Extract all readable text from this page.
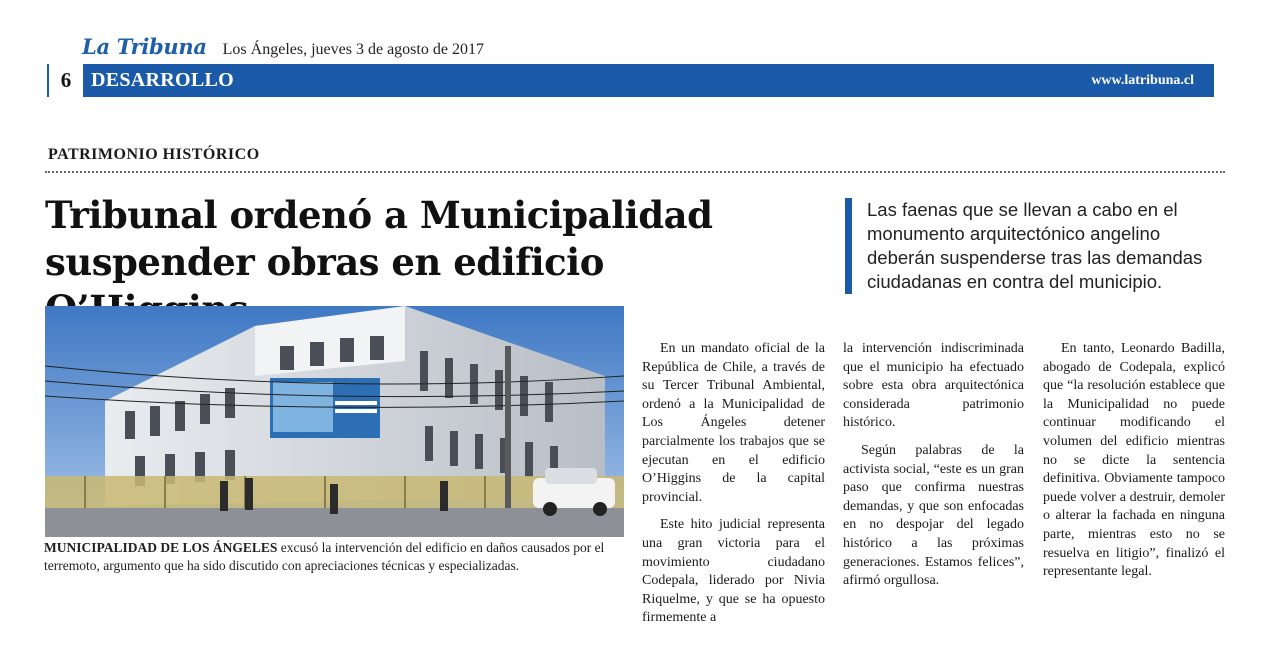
La Tribuna Los Ángeles, jueves 3 de agosto de 2017
6 DESARROLLO	www.latribuna.cl
PATRIMONIO HISTÓRICO
Tribunal ordenó a Municipalidad suspender obras en edificio
Las faenas que se llevan a cabo en el monumento arquitectónico angelino deberán suspenderse tras las demandas ciudadanas en contra del municipio.
MUNICIPALIDAD DE LOS ÁNGELES excusó la intervención del edificio en daños causados por el terremoto, argumento que ha sido discutido con apreciaciones técnicas y especializadas.

En un mandato oficial de la República de Chile, a través de su Tercer Tribunal Ambiental, ordenó a la Municipalidad de Los Ángeles detener parcialmente los trabajos que se ejecutan en el edificio O’Higgins de la capital provincial.

Este hito judicial representa una gran victoria para el movimiento ciudadano Codepala, liderado por Nivia Riquelme, y que se ha opuesto firmemente a

la intervención indiscriminada que el municipio ha efectuado sobre esta obra arquitectónica considerada patrimonio histórico.

Según palabras de la activista social, “este es un gran paso que confirma nuestras demandas, y que son enfocadas en no despojar del legado histórico a las próximas generaciones. Estamos felices”, afirmó orgullosa.

En tanto, Leonardo Badilla, abogado de Codepala, explicó que “la resolución establece que la Municipalidad no puede continuar modificando el volumen del edificio mientras no se dicte la sentencia definitiva. Obviamente tampoco puede volver a destruir, demoler o alterar la fachada en ninguna parte, mientras esto no se resuelva en litigio”, finalizó el representante legal.
